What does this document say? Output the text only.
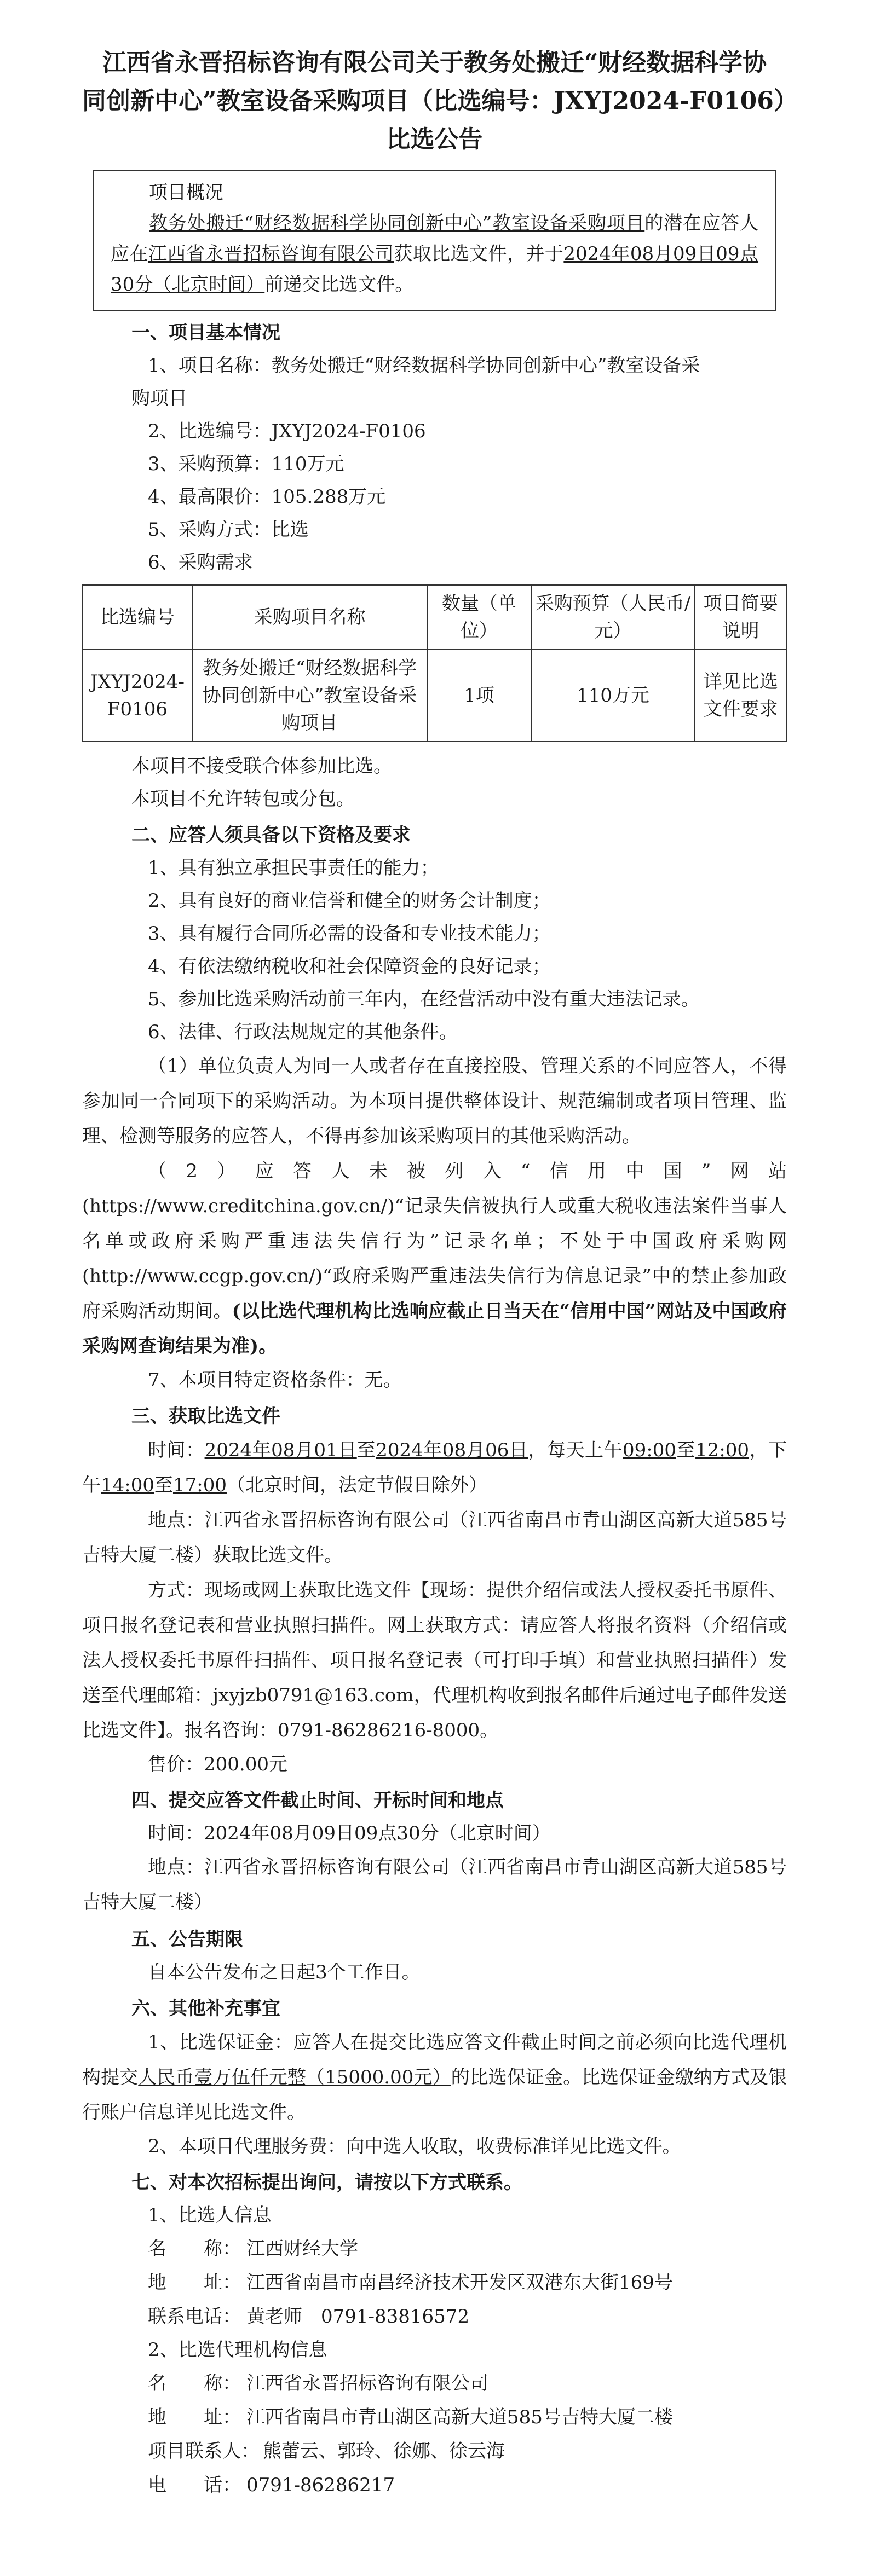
江西省永晋招标咨询有限公司关于教务处搬迁“财经数据科学协
同创新中心”教室设备采购项目（比选编号：JXYJ2024-F0106）
比选公告
项目概况

教务处搬迁“财经数据科学协同创新中心”教室设备采购项目的潜在应答人应在江西省永晋招标咨询有限公司获取比选文件，并于2024年08月09日09点30分（北京时间）前递交比选文件。

一、项目基本情况
1、项目名称：教务处搬迁“财经数据科学协同创新中心”教室设备采
购项目
2、比选编号：JXYJ2024-F0106
3、采购预算：110万元
4、最高限价：105.288万元
5、采购方式：比选
6、采购需求
比选编号	采购项目名称	数量（单位）	采购预算（人民币/元）	项目简要说明
JXYJ2024-F0106	教务处搬迁“财经数据科学协同创新中心”教室设备采购项目	1项	110万元	详见比选文件要求
本项目不接受联合体参加比选。
本项目不允许转包或分包。
二、应答人须具备以下资格及要求
1、具有独立承担民事责任的能力；
2、具有良好的商业信誉和健全的财务会计制度；
3、具有履行合同所必需的设备和专业技术能力；
4、有依法缴纳税收和社会保障资金的良好记录；
5、参加比选采购活动前三年内，在经营活动中没有重大违法记录。
6、法律、行政法规规定的其他条件。

（1）单位负责人为同一人或者存在直接控股、管理关系的不同应答人，不得参加同一合同项下的采购活动。为本项目提供整体设计、规范编制或者项目管理、监理、检测等服务的应答人，不得再参加该采购项目的其他采购活动。

（2）应答人未被列入“信用中国”网站(https://www.creditchina.gov.cn/)“记录失信被执行人或重大税收违法案件当事人名单或政府采购严重违法失信行为”记录名单；不处于中国政府采购网(http://www.ccgp.gov.cn/)“政府采购严重违法失信行为信息记录”中的禁止参加政府采购活动期间。(以比选代理机构比选响应截止日当天在“信用中国”网站及中国政府采购网查询结果为准)。

7、本项目特定资格条件：无。
三、获取比选文件

时间：2024年08月01日至2024年08月06日，每天上午09:00至12:00，下午14:00至17:00（北京时间，法定节假日除外）

地点：江西省永晋招标咨询有限公司（江西省南昌市青山湖区高新大道585号吉特大厦二楼）获取比选文件。

方式：现场或网上获取比选文件【现场：提供介绍信或法人授权委托书原件、项目报名登记表和营业执照扫描件。网上获取方式：请应答人将报名资料（介绍信或法人授权委托书原件扫描件、项目报名登记表（可打印手填）和营业执照扫描件）发送至代理邮箱：jxyjzb0791@163.com，代理机构收到报名邮件后通过电子邮件发送比选文件】。报名咨询：0791-86286216-8000。

售价：200.00元
四、提交应答文件截止时间、开标时间和地点
时间：2024年08月09日09点30分（北京时间）

地点：江西省永晋招标咨询有限公司（江西省南昌市青山湖区高新大道585号吉特大厦二楼）

五、公告期限
自本公告发布之日起3个工作日。
六、其他补充事宜

1、比选保证金：应答人在提交比选应答文件截止时间之前必须向比选代理机构提交人民币壹万伍仟元整（15000.00元）的比选保证金。比选保证金缴纳方式及银行账户信息详见比选文件。

2、本项目代理服务费：向中选人收取，收费标准详见比选文件。
七、对本次招标提出询问，请按以下方式联系。
1、比选人信息
名　　称： 江西财经大学
地　　址： 江西省南昌市南昌经济技术开发区双港东大街169号
联系电话： 黄老师　0791-83816572
2、比选代理机构信息
名　　称： 江西省永晋招标咨询有限公司
地　　址： 江西省南昌市青山湖区高新大道585号吉特大厦二楼
项目联系人： 熊蕾云、郭玲、徐娜、徐云海
电　　话： 0791-86286217
